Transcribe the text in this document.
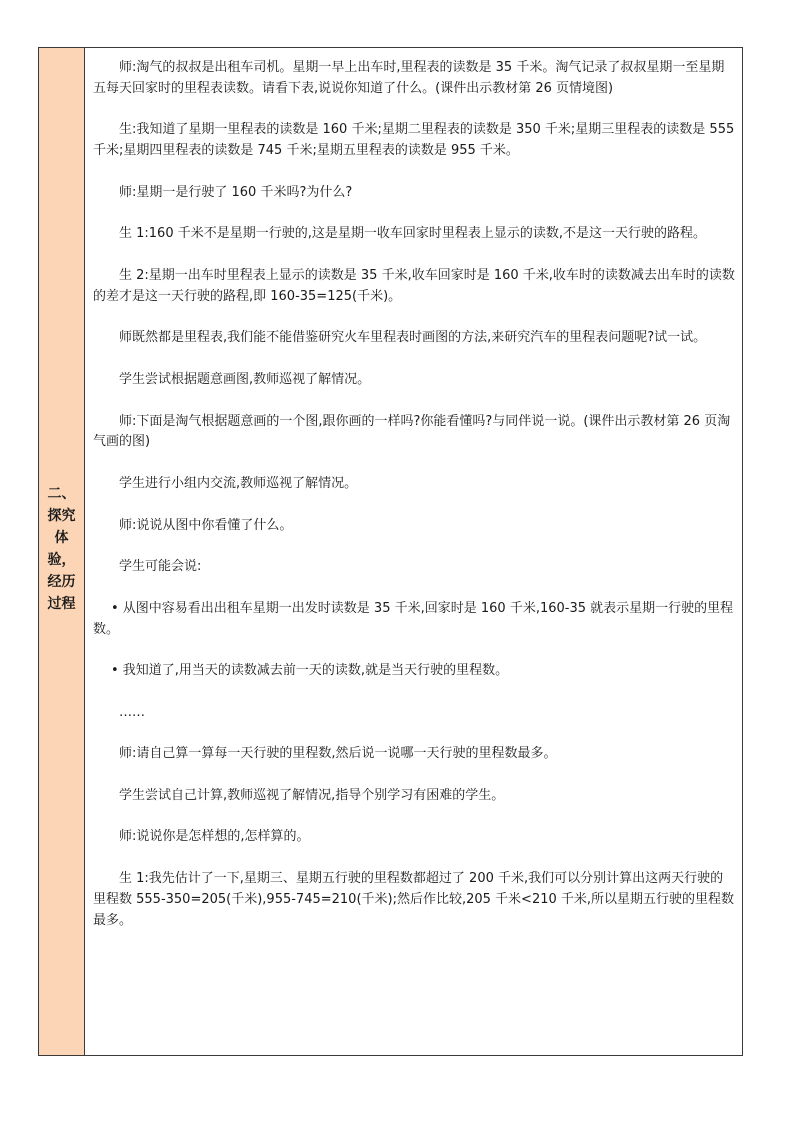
二、探究体验，经历过程

师:淘气的叔叔是出租车司机。星期一早上出车时,里程表的读数是 35 千米。淘气记录了叔叔星期一至星期五每天回家时的里程表读数。请看下表,说说你知道了什么。(课件出示教材第 26 页情境图)

生:我知道了星期一里程表的读数是 160 千米;星期二里程表的读数是 350 千米;星期三里程表的读数是 555 千米;星期四里程表的读数是 745 千米;星期五里程表的读数是 955 千米。

师:星期一是行驶了 160 千米吗?为什么?

生 1:160 千米不是星期一行驶的,这是星期一收车回家时里程表上显示的读数,不是这一天行驶的路程。

生 2:星期一出车时里程表上显示的读数是 35 千米,收车回家时是 160 千米,收车时的读数减去出车时的读数的差才是这一天行驶的路程,即 160-35=125(千米)。

师既然都是里程表,我们能不能借鉴研究火车里程表时画图的方法,来研究汽车的里程表问题呢?试一试。

学生尝试根据题意画图,教师巡视了解情况。

师:下面是淘气根据题意画的一个图,跟你画的一样吗?你能看懂吗?与同伴说一说。(课件出示教材第 26 页淘气画的图)

学生进行小组内交流,教师巡视了解情况。

师:说说从图中你看懂了什么。

学生可能会说:

• 从图中容易看出出租车星期一出发时读数是 35 千米,回家时是 160 千米,160-35 就表示星期一行驶的里程数。

• 我知道了,用当天的读数减去前一天的读数,就是当天行驶的里程数。

……

师:请自己算一算每一天行驶的里程数,然后说一说哪一天行驶的里程数最多。

学生尝试自己计算,教师巡视了解情况,指导个别学习有困难的学生。

师:说说你是怎样想的,怎样算的。

生 1:我先估计了一下,星期三、星期五行驶的里程数都超过了 200 千米,我们可以分别计算出这两天行驶的里程数 555-350=205(千米),955-745=210(千米);然后作比较,205 千米<210 千米,所以星期五行驶的里程数最多。
